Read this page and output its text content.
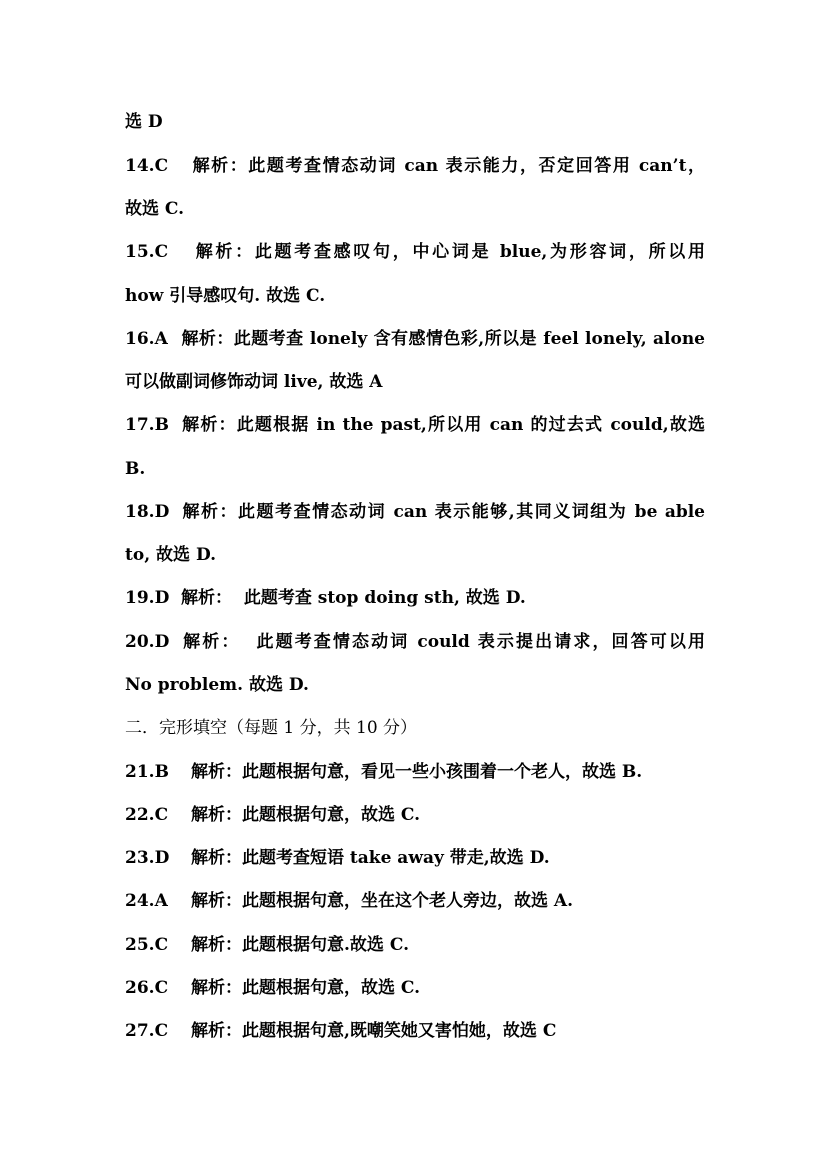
选 D
14.C 解析：此题考查情态动词 can 表示能力，否定回答用 can’t，
故选 C.
15.C 解析：此题考查感叹句，中心词是 blue,为形容词，所以用
how 引导感叹句. 故选 C.
16.A 解析：此题考查 lonely 含有感情色彩,所以是 feel lonely, alone
可以做副词修饰动词 live, 故选 A
17.B 解析：此题根据 in the past,所以用 can 的过去式 could,故选
B.
18.D 解析：此题考查情态动词 can 表示能够,其同义词组为 be able
to, 故选 D.
19.D 解析：  此题考查 stop doing sth, 故选 D.
20.D 解析：  此题考查情态动词 could 表示提出请求，回答可以用
No problem. 故选 D.
二．完形填空（每题 1 分，共 10 分）
21.B 解析：此题根据句意，看见一些小孩围着一个老人，故选 B.
22.C 解析：此题根据句意，故选 C.
23.D 解析：此题考查短语 take away 带走,故选 D.
24.A 解析：此题根据句意，坐在这个老人旁边，故选 A.
25.C 解析：此题根据句意.故选 C.
26.C 解析：此题根据句意，故选 C.
27.C 解析：此题根据句意,既嘲笑她又害怕她，故选 C
